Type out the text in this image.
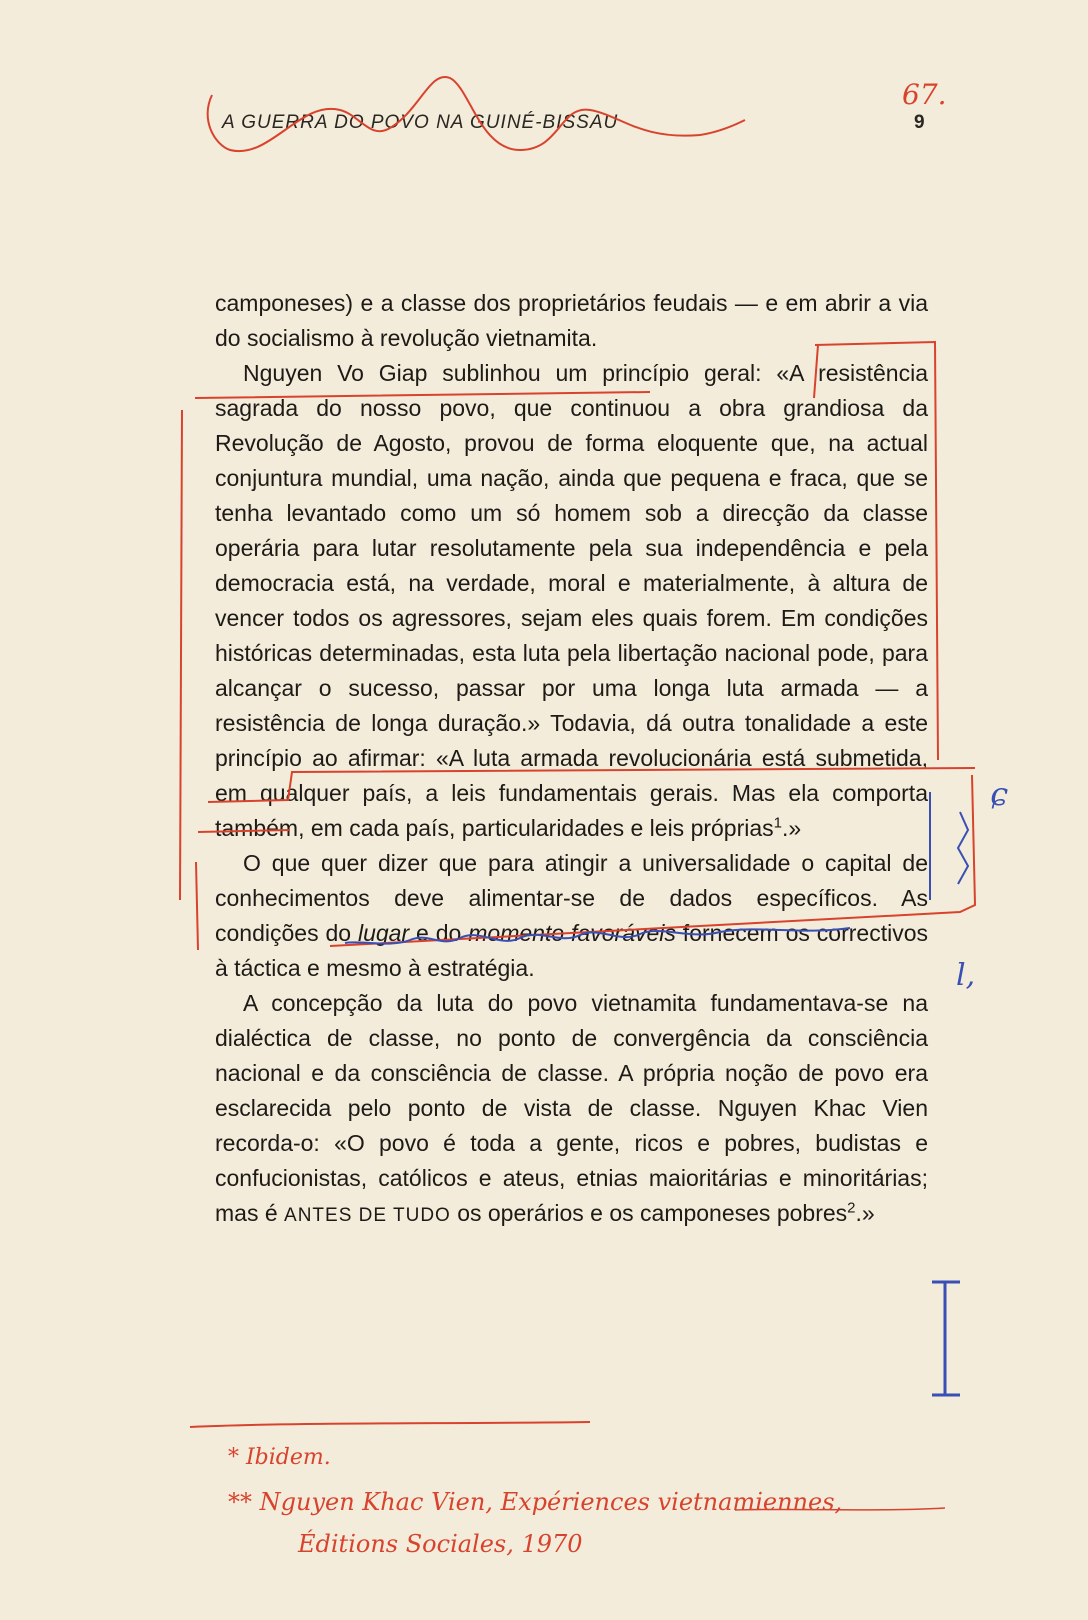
67.
A GUERRA DO POVO NA GUINÉ-BISSAU	9

camponeses) e a classe dos proprietários feudais — e em abrir a via do socialismo à revolução vietnamita.

Nguyen Vo Giap sublinhou um princípio geral: «A resistência sagrada do nosso povo, que continuou a obra grandiosa da Revolução de Agosto, provou de forma eloquente que, na actual conjuntura mundial, uma nação, ainda que pequena e fraca, que se tenha levantado como um só homem sob a direcção da classe operária para lutar resolutamente pela sua independência e pela democracia está, na verdade, moral e materialmente, à altura de vencer todos os agressores, sejam eles quais forem. Em condições históricas determinadas, esta luta pela libertação nacional pode, para alcançar o sucesso, passar por uma longa luta armada — a resistência de longa duração.» Todavia, dá outra tonalidade a este princípio ao afirmar: «A luta armada revolucionária está submetida, em qualquer país, a leis fundamentais gerais. Mas ela comporta também, em cada país, particularidades e leis próprias$^1$.»

O que quer dizer que para atingir a universalidade o capital de conhecimentos deve alimentar-se de dados específicos. As condições do lugar e do momento favoráveis fornecem os correctivos à táctica e mesmo à estratégia.

A concepção da luta do povo vietnamita fundamentava-se na dialéctica de classe, no ponto de convergência da consciência nacional e da consciência de classe. A própria noção de povo era esclarecida pelo ponto de vista de classe. Nguyen Khac Vien recorda-o: «O povo é toda a gente, ricos e pobres, budistas e confucionistas, católicos e ateus, etnias maioritárias e minoritárias; mas é ANTES DE TUDO os operários e os camponeses pobres$^2$.»

ɕ
l,
* Ibidem.
** Nguyen Khac Vien, Expériences vietnamiennes,
Éditions Sociales, 1970
